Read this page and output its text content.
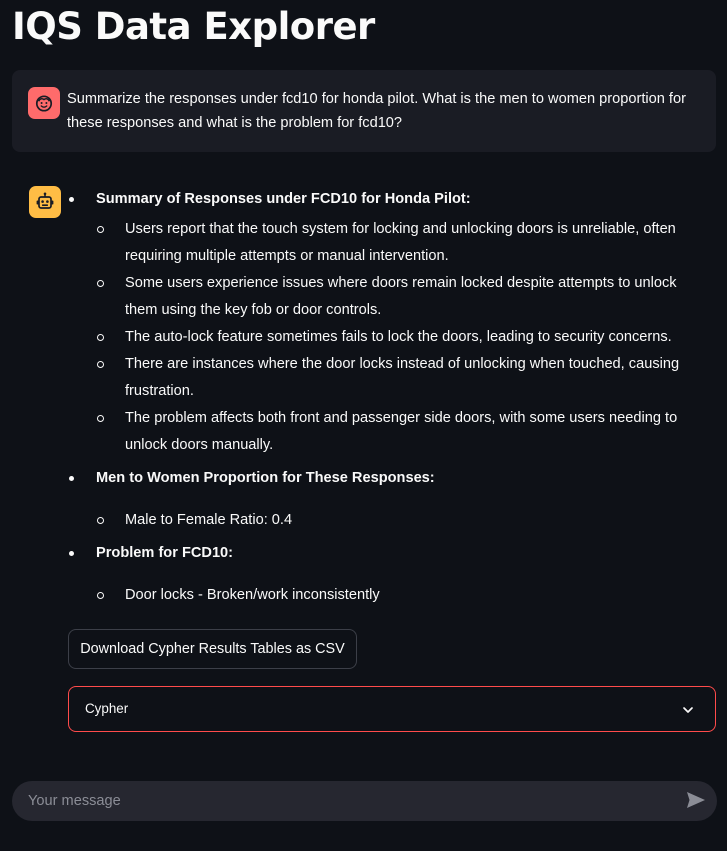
IQS Data Explorer
Summarize the responses under fcd10 for honda pilot. What is the men to women proportion for these responses and what is the problem for fcd10?
Summary of Responses under FCD10 for Honda Pilot:
Users report that the touch system for locking and unlocking doors is unreliable, often requiring multiple attempts or manual intervention.
Some users experience issues where doors remain locked despite attempts to unlock them using the key fob or door controls.
The auto-lock feature sometimes fails to lock the doors, leading to security concerns.
There are instances where the door locks instead of unlocking when touched, causing frustration.
The problem affects both front and passenger side doors, with some users needing to unlock doors manually.
Men to Women Proportion for These Responses:
Male to Female Ratio: 0.4
Problem for FCD10:
Door locks - Broken/work inconsistently
Download Cypher Results Tables as CSV
Cypher
Your message
